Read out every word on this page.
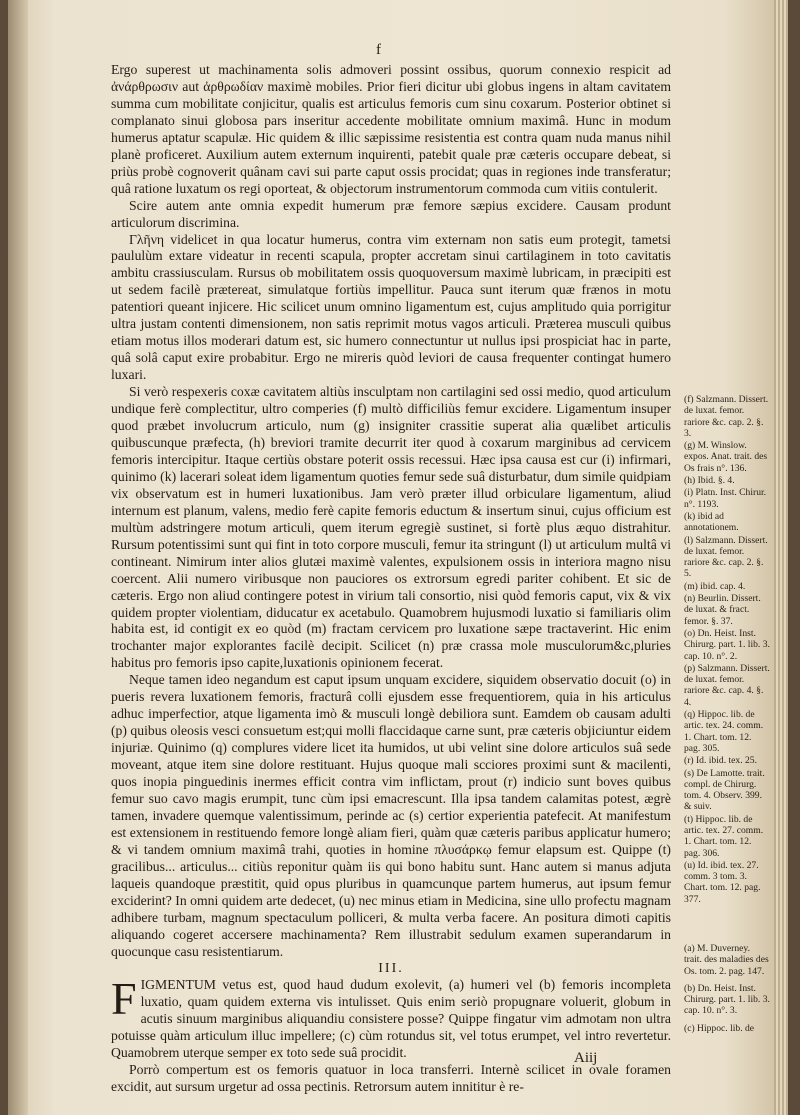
f

Ergo superest ut machinamenta solis admoveri possint ossibus, quorum connexio respicit ad ἀνάρθρωσιν aut ἀρθρωδίαν maximè mobiles. Prior fieri dicitur ubi globus ingens in altam cavitatem summa cum mobilitate conjicitur, qualis est articulus femoris cum sinu coxarum. Posterior obtinet si complanato sinui globosa pars inseritur accedente mobilitate omnium maximâ. Hunc in modum humerus aptatur scapulæ. Hic quidem & illic sæpissime resistentia est contra quam nuda manus nihil planè proficeret. Auxilium autem externum inquirenti, patebit quale præ cæteris occupare debeat, si priùs probè cognoverit quânam cavi sui parte caput ossis procidat; quas in regiones inde transferatur; quâ ratione luxatum os regi oporteat, & objectorum instrumentorum commoda cum vitiis contulerit.

Scire autem ante omnia expedit humerum præ femore sæpius excidere. Causam produnt articulorum discrimina.

Γλῆνη videlicet in qua locatur humerus, contra vim externam non satis eum protegit, tametsi paululùm extare videatur in recenti scapula, propter accretam sinui cartilaginem in toto cavitatis ambitu crassiusculam. Rursus ob mobilitatem ossis quoquoversum maximè lubricam, in præcipiti est ut sedem facilè prætereat, simulatque fortiùs impellitur. Pauca sunt iterum quæ frænos in motu patentiori queant injicere. Hic scilicet unum omnino ligamentum est, cujus amplitudo quia porrigitur ultra justam contenti dimensionem, non satis reprimit motus vagos articuli. Præterea musculi quibus etiam motus illos moderari datum est, sic humero connectuntur ut nullus ipsi prospiciat hac in parte, quâ solâ caput exire probabitur. Ergo ne mireris quòd leviori de causa frequenter contingat humero luxari.

Si verò respexeris coxæ cavitatem altiùs insculptam non cartilagini sed ossi medio, quod articulum undique ferè complectitur, ultro comperies (f) multò difficiliùs femur excidere. Ligamentum insuper quod præbet involucrum articulo, num (g) insigniter crassitie superat alia quælibet articulis quibuscunque præfecta, (h) breviori tramite decurrit iter quod à coxarum marginibus ad cervicem femoris intercipitur. Itaque certiùs obstare poterit ossis recessui. Hæc ipsa causa est cur (i) infirmari, quinimo (k) lacerari soleat idem ligamentum quoties femur sede suâ disturbatur, dum simile quidpiam vix observatum est in humeri luxationibus. Jam verò præter illud orbiculare ligamentum, aliud internum est planum, valens, medio ferè capite femoris eductum & insertum sinui, cujus officium est multùm adstringere motum articuli, quem iterum egregiè sustinet, si fortè plus æquo distrahitur. Rursum potentissimi sunt qui fint in toto corpore musculi, femur ita stringunt (l) ut articulum multâ vi contineant. Nimirum inter alios glutæi maximè valentes, expulsionem ossis in interiora magno nisu coercent. Alii numero viribusque non pauciores os extrorsum egredi pariter cohibent. Et sic de cæteris. Ergo non aliud contingere potest in virium tali consortio, nisi quòd femoris caput, vix & vix quidem propter violentiam, diducatur ex acetabulo. Quamobrem hujusmodi luxatio si familiaris olim habita est, id contigit ex eo quòd (m) fractam cervicem pro luxatione sæpe tractaverint. Hic enim trochanter major explorantes facilè decipit. Scilicet (n) præ crassa mole musculorum&c,pluries habitus pro femoris ipso capite,luxationis opinionem fecerat.

Neque tamen ideo negandum est caput ipsum unquam excidere, siquidem observatio docuit (o) in pueris revera luxationem femoris, fracturâ colli ejusdem esse frequentiorem, quia in his articulus adhuc imperfectior, atque ligamenta imò & musculi longè debiliora sunt. Eamdem ob causam adulti (p) quibus oleosis vesci consuetum est;qui molli flaccidaque carne sunt, præ cæteris objiciuntur eidem injuriæ. Quinimo (q) complures videre licet ita humidos, ut ubi velint sine dolore articulos suâ sede moveant, atque item sine dolore restituant. Hujus quoque mali scciores proximi sunt & macilenti, quos inopia pinguedinis inermes efficit contra vim inflictam, prout (r) indicio sunt boves quibus femur suo cavo magis erumpit, tunc cùm ipsi emacrescunt. Illa ipsa tandem calamitas potest, ægrè tamen, invadere quemque valentissimum, perinde ac (s) certior experientia patefecit. At manifestum est extensionem in restituendo femore longè aliam fieri, quàm quæ cæteris paribus applicatur humero; & vi tandem omnium maximâ trahi, quoties in homine πλυσάρκῳ femur elapsum est. Quippe (t) gracilibus... articulus... citiùs reponitur quàm iis qui bono habitu sunt. Hanc autem si manus adjuta laqueis quandoque præstitit, quid opus pluribus in quamcunque partem humerus, aut ipsum femur exciderint? In omni quidem arte dedecet, (u) nec minus etiam in Medicina, sine ullo profectu magnam adhibere turbam, magnum spectaculum polliceri, & multa verba facere. An positura dimoti capitis aliquando cogeret accersere machinamenta? Rem illustrabit sedulum examen superandarum in quocunque casu resistentiarum.

III.

FIGMENTUM vetus est, quod haud dudum exolevit, (a) humeri vel (b) femoris incompleta luxatio, quam quidem externa vis intulisset. Quis enim seriò propugnare voluerit, globum in acutis sinuum marginibus aliquandiu consistere posse? Quippe fingatur vim admotam non ultra potuisse quàm articulum illuc impellere; (c) cùm rotundus sit, vel totus erumpet, vel intro revertetur. Quamobrem uterque semper ex toto sede suâ procidit.

Porrò compertum est os femoris quatuor in loca transferri. Internè scilicet in ovale foramen excidit, aut sursum urgetur ad ossa pectinis. Retrorsum autem innititur è re-

(f) Salzmann. Dissert. de luxat. femor. rariore &c. cap. 2. §. 3.
(g) M. Winslow. expos. Anat. trait. des Os frais n°. 136.
(h) Ibid. §. 4.
(i) Platn. Inst. Chirur. n°. 1193.
(k) ibid ad annotationem.
(l) Salzmann. Dissert. de luxat. femor. rariore &c. cap. 2. §. 5.
(m) ibid. cap. 4.
(n) Beurlin. Dissert. de luxat. & fract. femor. §. 37.
(o) Dn. Heist. Inst. Chirurg. part. 1. lib. 3. cap. 10. n°. 2.
(p) Salzmann. Dissert. de luxat. femor. rariore &c. cap. 4. §. 4.
(q) Hippoc. lib. de artic. tex. 24. comm. 1. Chart. tom. 12. pag. 305.
(r) Id. ibid. tex. 25.
(s) De Lamotte. trait. compl. de Chirurg. tom. 4. Observ. 399. & suiv.
(t) Hippoc. lib. de artic. tex. 27. comm. 1. Chart. tom. 12. pag. 306.
(u) Id. ibid. tex. 27. comm. 3 tom. 3. Chart. tom. 12. pag. 377.
(a) M. Duverney. trait. des maladies des Os. tom. 2. pag. 147.
(b) Dn. Heist. Inst. Chirurg. part. 1. lib. 3. cap. 10. n°. 3.
(c) Hippoc. lib. de
Aiij
